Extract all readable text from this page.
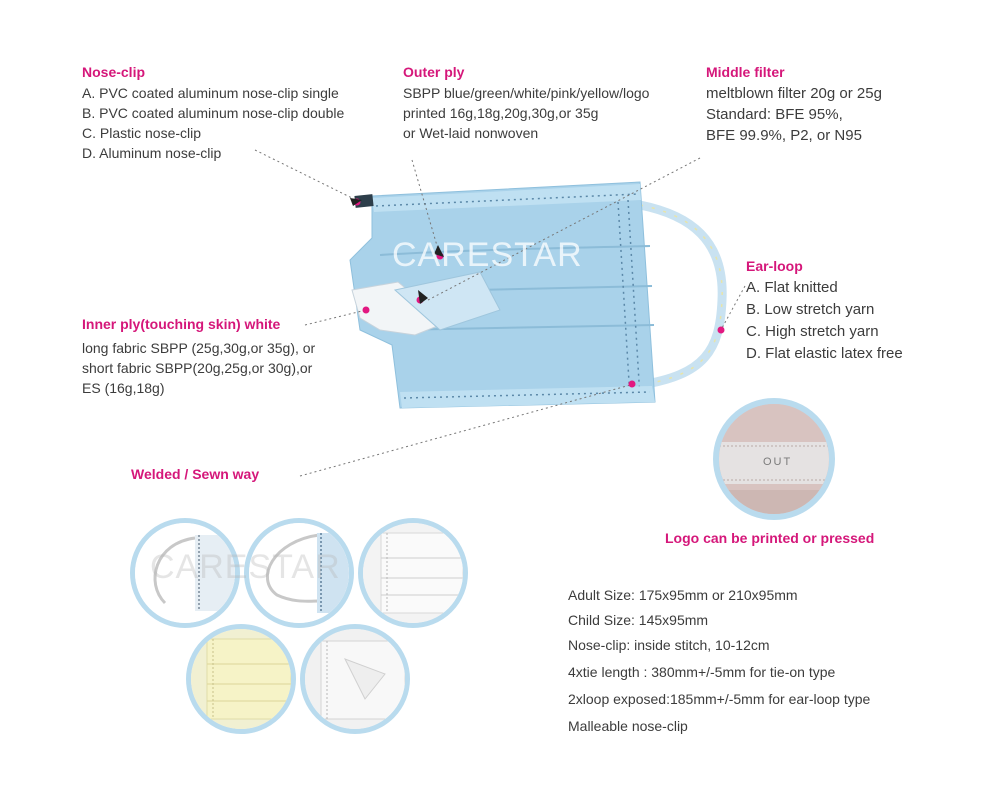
CARESTAR
Nose-clip
A. PVC coated aluminum nose-clip single
B. PVC coated aluminum nose-clip double
C. Plastic nose-clip
D. Aluminum nose-clip
Outer ply
SBPP blue/green/white/pink/yellow/logo
printed 16g,18g,20g,30g,or 35g
or Wet-laid nonwoven
Middle filter
meltblown filter 20g or 25g
Standard: BFE 95%,
BFE 99.9%, P2, or N95
Ear-loop
A. Flat knitted
B. Low stretch yarn
C. High stretch yarn
D. Flat elastic latex free
Inner ply(touching skin) white
long fabric SBPP (25g,30g,or 35g), or
short fabric SBPP(20g,25g,or 30g),or
ES (16g,18g)
Welded / Sewn way
OUT
Logo can be printed or pressed
CARESTAR
Adult Size: 175x95mm or 210x95mm
Child Size: 145x95mm
Nose-clip: inside stitch, 10-12cm
4xtie length : 380mm+/-5mm for tie-on type
2xloop exposed:185mm+/-5mm for ear-loop type
Malleable nose-clip
